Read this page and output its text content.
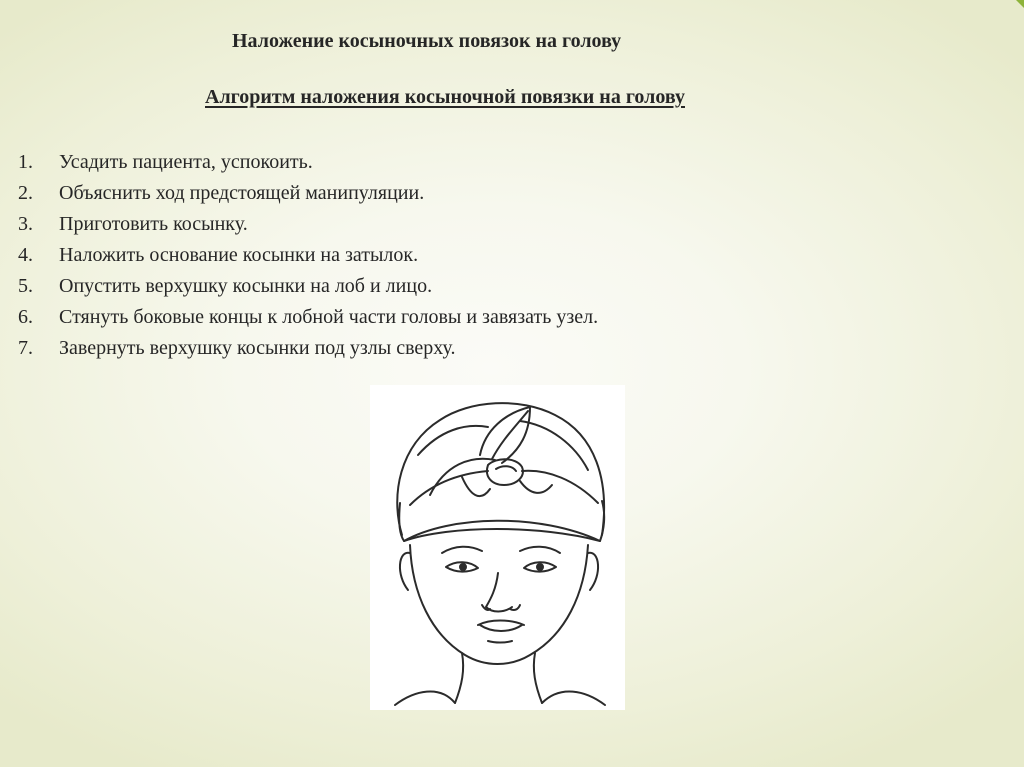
Наложение косыночных повязок на голову
Алгоритм наложения косыночной повязки на голову
1.	Усадить пациента, успокоить.
2.	Объяснить ход предстоящей манипуляции.
3.	Приготовить косынку.
4.	Наложить основание косынки на затылок.
5.	Опустить верхушку косынки на лоб и лицо.
6.	Стянуть боковые концы к лобной части головы и завязать узел.
7.	Завернуть верхушку косынки под узлы сверху.
